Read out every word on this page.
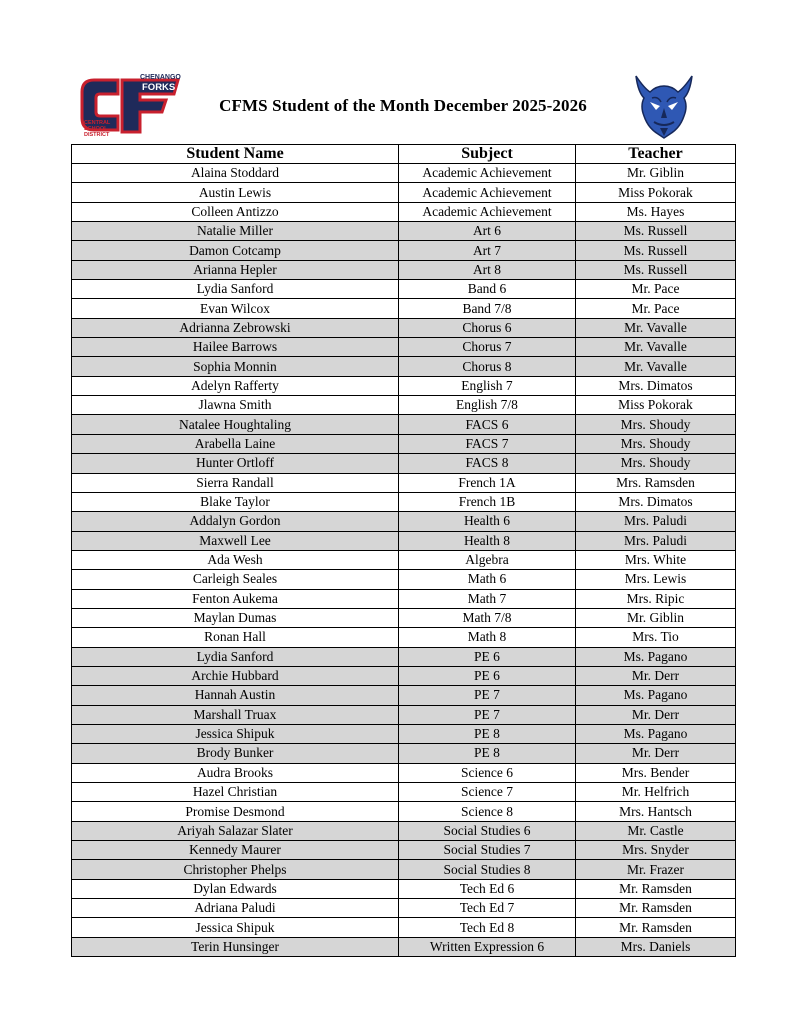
CHENANGO
FORKS
CENTRAL
SCHOOL
DISTRICT
CFMS Student of the Month December 2025-2026
Student Name	Subject	Teacher
Alaina Stoddard	Academic Achievement	Mr. Giblin
Austin Lewis	Academic Achievement	Miss Pokorak
Colleen Antizzo	Academic Achievement	Ms. Hayes
Natalie Miller	Art 6	Ms. Russell
Damon Cotcamp	Art 7	Ms. Russell
Arianna Hepler	Art 8	Ms. Russell
Lydia Sanford	Band 6	Mr. Pace
Evan Wilcox	Band 7/8	Mr. Pace
Adrianna Zebrowski	Chorus 6	Mr. Vavalle
Hailee Barrows	Chorus 7	Mr. Vavalle
Sophia Monnin	Chorus 8	Mr. Vavalle
Adelyn Rafferty	English 7	Mrs. Dimatos
Jlawna Smith	English 7/8	Miss Pokorak
Natalee Houghtaling	FACS 6	Mrs. Shoudy
Arabella Laine	FACS 7	Mrs. Shoudy
Hunter Ortloff	FACS 8	Mrs. Shoudy
Sierra Randall	French 1A	Mrs. Ramsden
Blake Taylor	French 1B	Mrs. Dimatos
Addalyn Gordon	Health 6	Mrs. Paludi
Maxwell Lee	Health 8	Mrs. Paludi
Ada Wesh	Algebra	Mrs. White
Carleigh Seales	Math 6	Mrs. Lewis
Fenton Aukema	Math 7	Mrs. Ripic
Maylan Dumas	Math 7/8	Mr. Giblin
Ronan Hall	Math 8	Mrs. Tio
Lydia Sanford	PE 6	Ms. Pagano
Archie Hubbard	PE 6	Mr. Derr
Hannah Austin	PE 7	Ms. Pagano
Marshall Truax	PE 7	Mr. Derr
Jessica Shipuk	PE 8	Ms. Pagano
Brody Bunker	PE 8	Mr. Derr
Audra Brooks	Science 6	Mrs. Bender
Hazel Christian	Science 7	Mr. Helfrich
Promise Desmond	Science 8	Mrs. Hantsch
Ariyah Salazar Slater	Social Studies 6	Mr. Castle
Kennedy Maurer	Social Studies 7	Mrs. Snyder
Christopher Phelps	Social Studies 8	Mr. Frazer
Dylan Edwards	Tech Ed 6	Mr. Ramsden
Adriana Paludi	Tech Ed 7	Mr. Ramsden
Jessica Shipuk	Tech Ed 8	Mr. Ramsden
Terin Hunsinger	Written Expression 6	Mrs. Daniels
